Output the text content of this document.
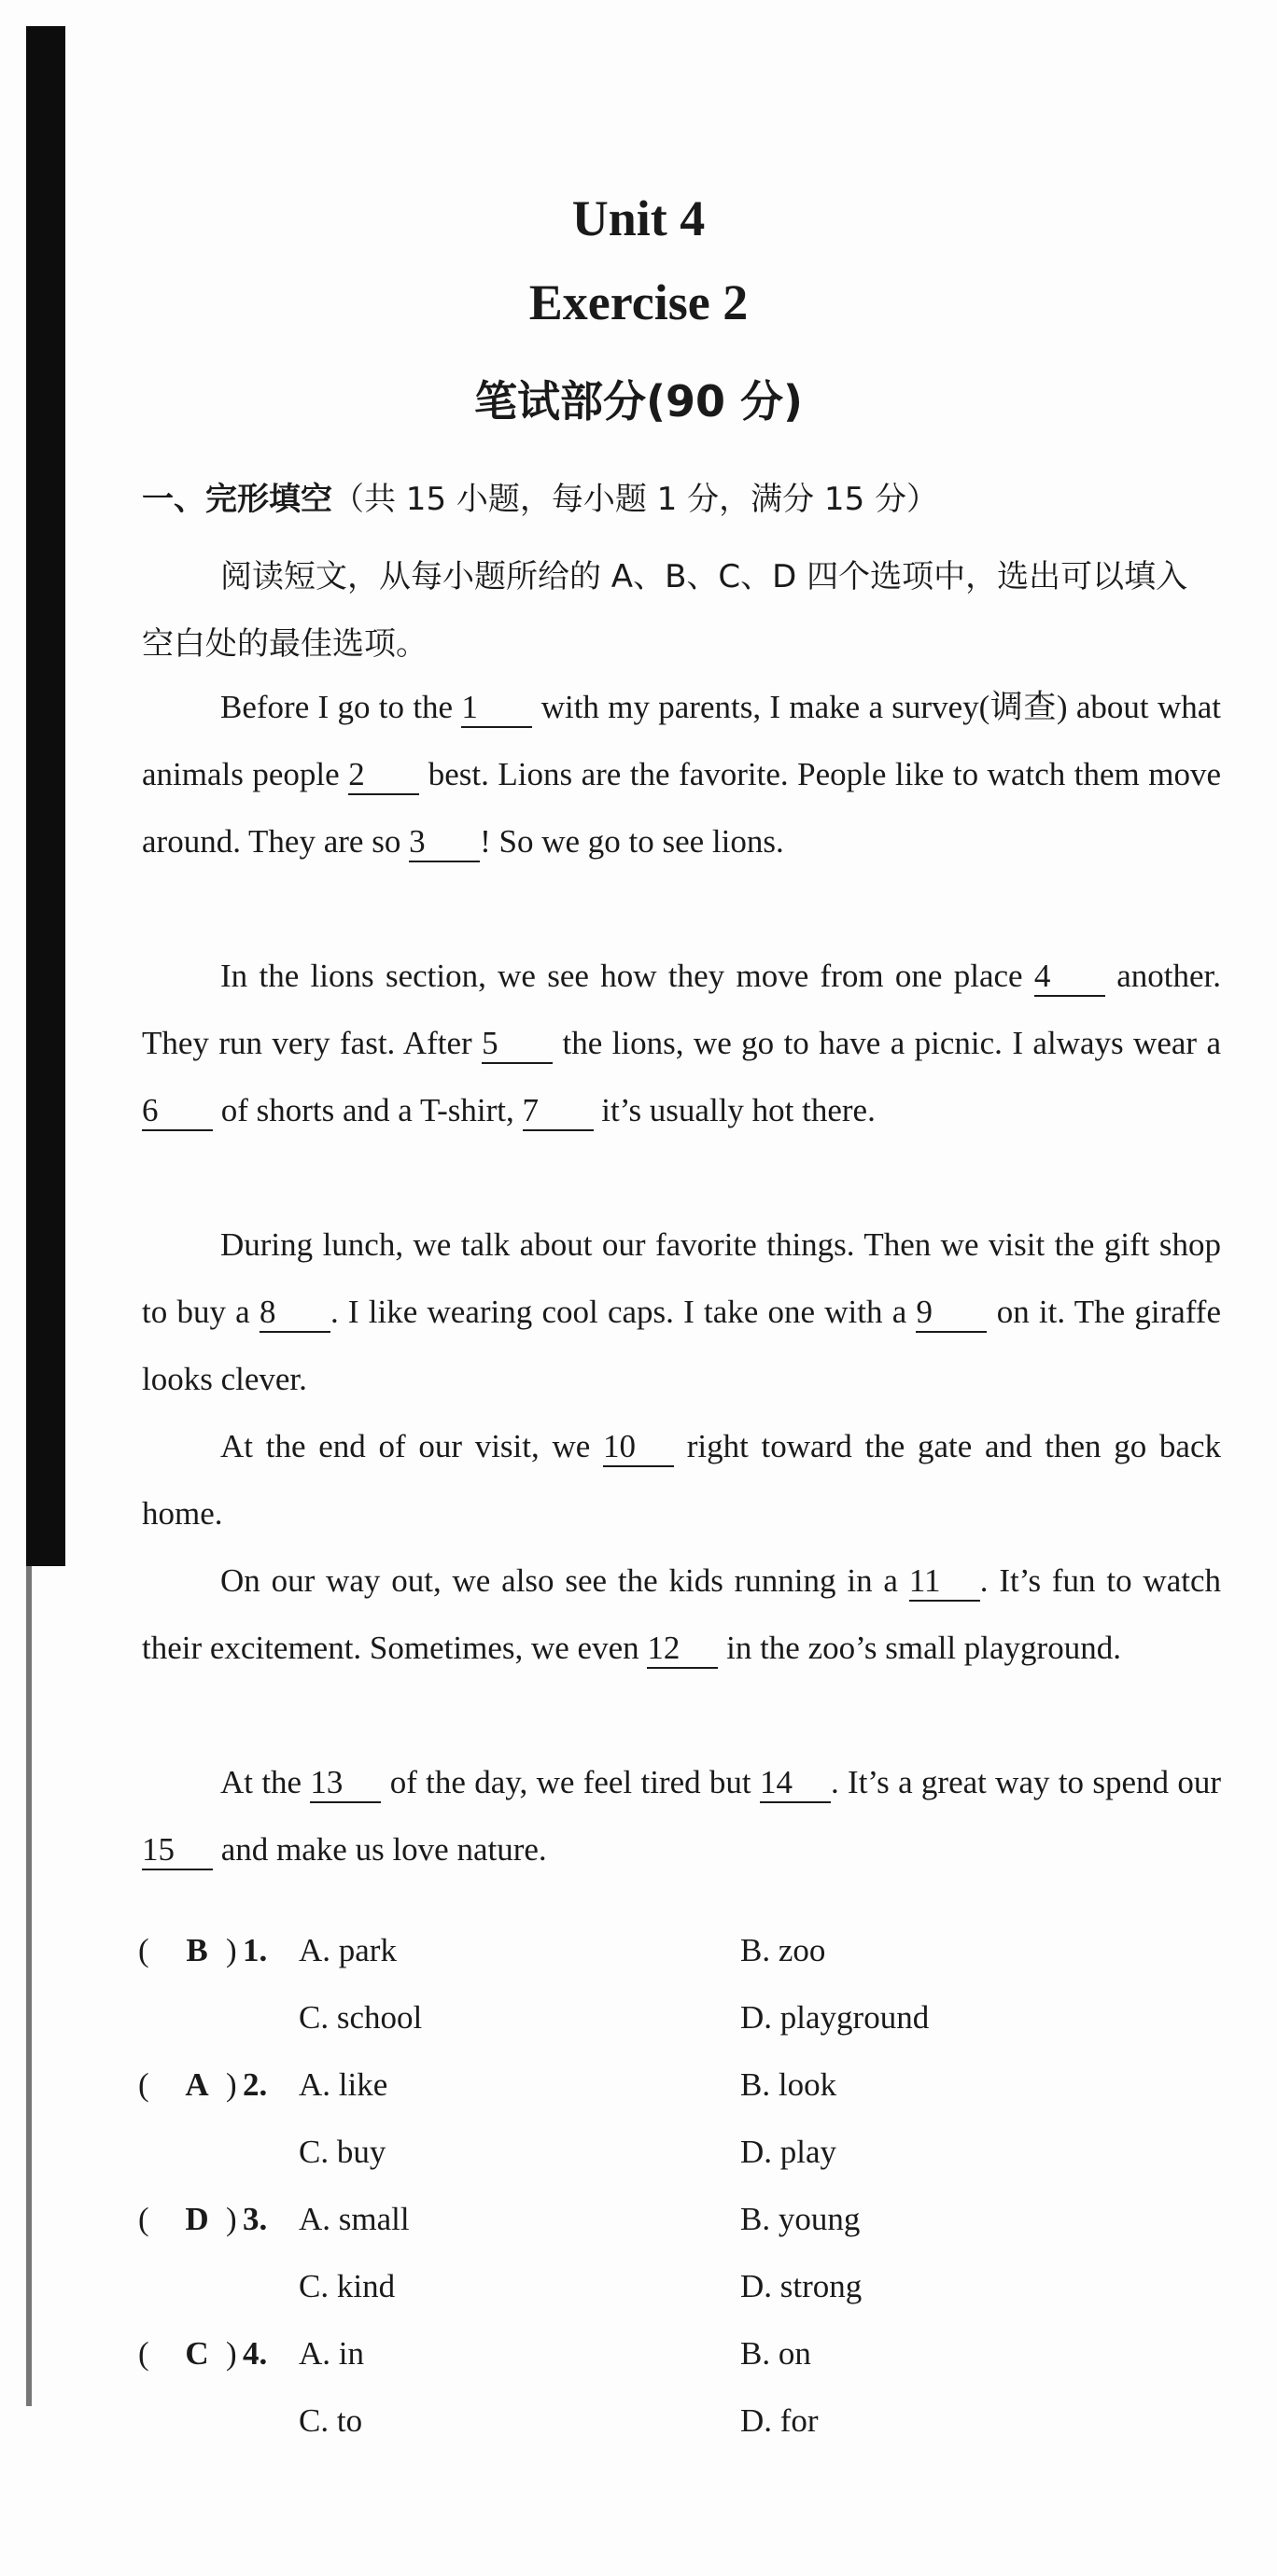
Unit 4
Exercise 2
笔试部分(90 分)
一、完形填空（共 15 小题，每小题 1 分，满分 15 分）
阅读短文，从每小题所给的 A、B、C、D 四个选项中，选出可以填入空白处的最佳选项。
Before I go to the 1 with my parents, I make a survey(调查) about what animals people 2 best. Lions are the favorite. People like to watch them move around. They are so 3 ! So we go to see lions.
In the lions section, we see how they move from one place 4 another. They run very fast. After 5 the lions, we go to have a picnic. I always wear a 6 of shorts and a T-shirt, 7 it’s usually hot there.
During lunch, we talk about our favorite things. Then we visit the gift shop to buy a 8 . I like wearing cool caps. I take one with a 9 on it. The giraffe looks clever.
At the end of our visit, we 10 right toward the gate and then go back home.
On our way out, we also see the kids running in a 11 . It’s fun to watch their excitement. Sometimes, we even 12 in the zoo’s small playground.
At the 13 of the day, we feel tired but 14 . It’s a great way to spend our 15 and make us love nature.
(	B ) 1. A. park	B. zoo
C. school	D. playground
(	A ) 2. A. like	B. look
C. buy	D. play
(	D ) 3. A. small	B. young
C. kind	D. strong
(	C ) 4. A. in	B. on
C. to	D. for
